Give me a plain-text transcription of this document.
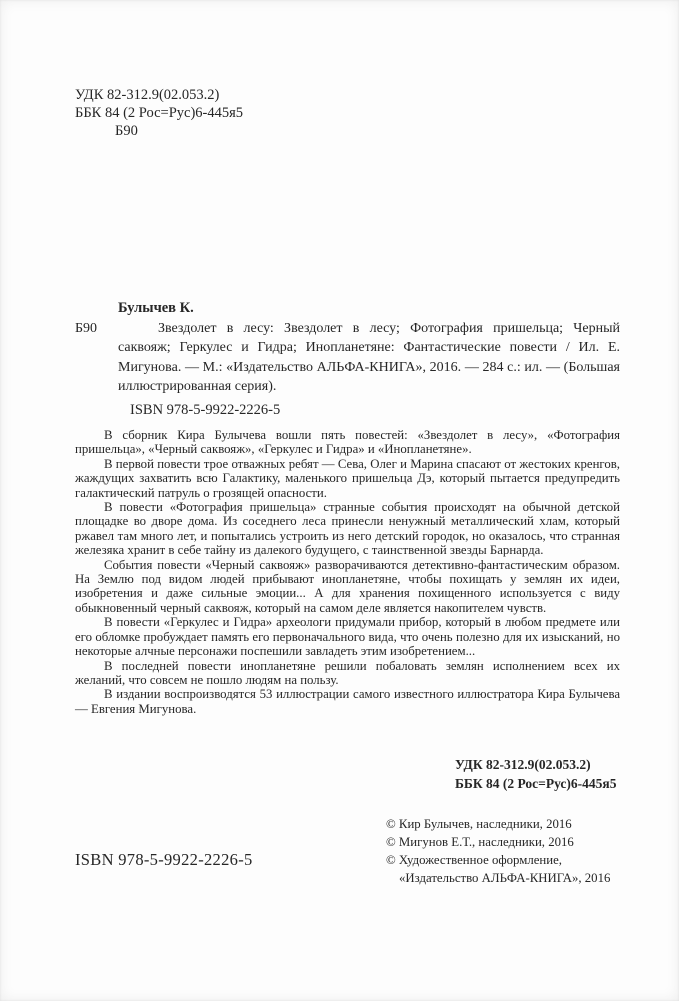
УДК 82-312.9(02.053.2)
ББК 84 (2 Рос=Рус)6-445я5
Б90
Булычев К.
Б90	Звездолет в лесу: Звездолет в лесу; Фотография пришельца; Черный саквояж; Геркулес и Гидра; Инопланетяне: Фантастические повести / Ил. Е. Мигунова. — М.: «Издательство АЛЬФА-КНИГА», 2016. — 284 с.: ил. — (Большая иллюстрированная серия).

ISBN 978-5-9922-2226-5

В сборник Кира Булычева вошли пять повестей: «Звездолет в лесу», «Фотография пришельца», «Черный саквояж», «Геркулес и Гидра» и «Инопланетяне».

В первой повести трое отважных ребят — Сева, Олег и Марина спасают от жестоких кренгов, жаждущих захватить всю Галактику, маленького пришельца Дэ, который пытается предупредить галактический патруль о грозящей опасности.

В повести «Фотография пришельца» странные события происходят на обычной детской площадке во дворе дома. Из соседнего леса принесли ненужный металлический хлам, который ржавел там много лет, и попытались устроить из него детский городок, но оказалось, что странная железяка хранит в себе тайну из далекого будущего, с таинственной звезды Барнарда.

События повести «Черный саквояж» разворачиваются детективно-фантастическим образом. На Землю под видом людей прибывают инопланетяне, чтобы похищать у землян их идеи, изобретения и даже сильные эмоции... А для хранения похищенного используется с виду обыкновенный черный саквояж, который на самом деле является накопителем чувств.

В повести «Геркулес и Гидра» археологи придумали прибор, который в любом предмете или его обломке пробуждает память его первоначального вида, что очень полезно для их изысканий, но некоторые алчные персонажи поспешили завладеть этим изобретением...

В последней повести инопланетяне решили побаловать землян исполнением всех их желаний, что совсем не пошло людям на пользу.

В издании воспроизводятся 53 иллюстрации самого известного иллюстратора Кира Булычева — Евгения Мигунова.

УДК 82-312.9(02.053.2)
ББК 84 (2 Рос=Рус)6-445я5
© Кир Булычев, наследники, 2016
© Мигунов Е.Т., наследники, 2016
© Художественное оформление,
«Издательство АЛЬФА-КНИГА», 2016
ISBN 978-5-9922-2226-5
